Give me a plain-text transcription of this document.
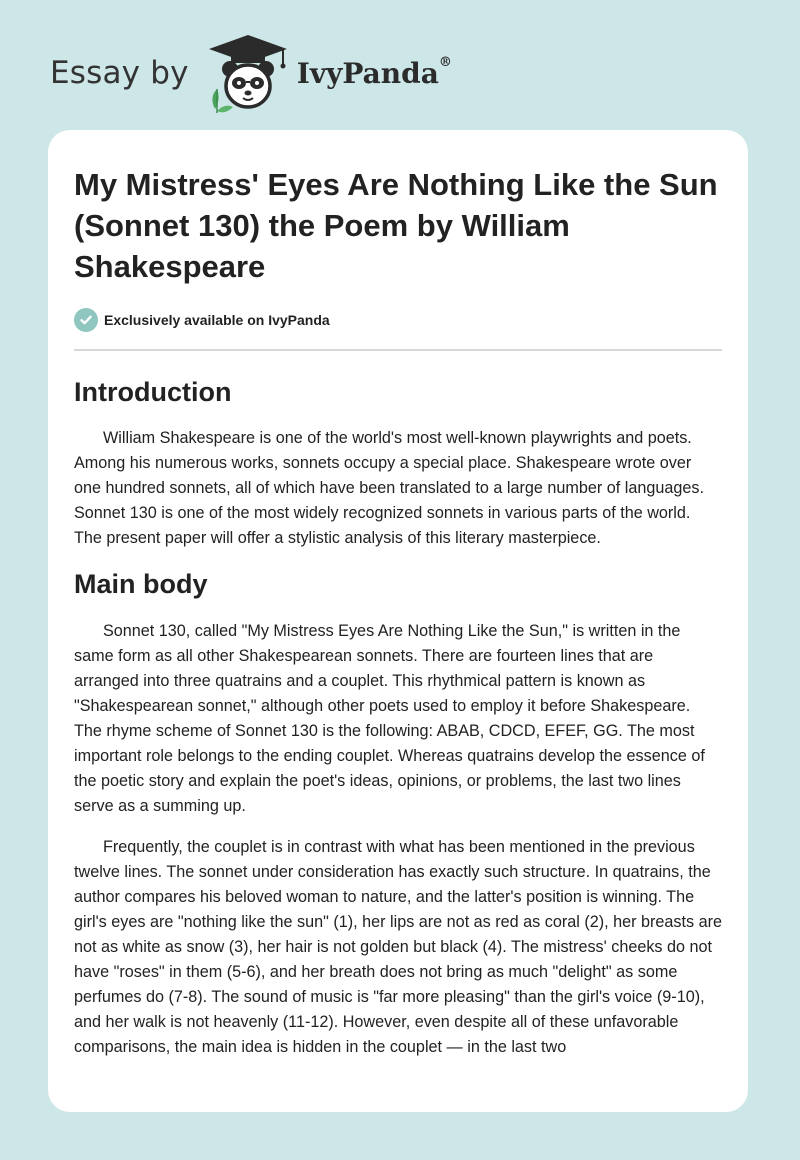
Essay by	IvyPanda®
My Mistress' Eyes Are Nothing Like the Sun (Sonnet 130) the Poem by William Shakespeare
Exclusively available on IvyPanda
Introduction

William Shakespeare is one of the world's most well-known playwrights and poets. Among his numerous works, sonnets occupy a special place. Shakespeare wrote over one hundred sonnets, all of which have been translated to a large number of languages. Sonnet 130 is one of the most widely recognized sonnets in various parts of the world. The present paper will offer a stylistic analysis of this literary masterpiece.

Main body

Sonnet 130, called "My Mistress Eyes Are Nothing Like the Sun," is written in the same form as all other Shakespearean sonnets. There are fourteen lines that are arranged into three quatrains and a couplet. This rhythmical pattern is known as "Shakespearean sonnet," although other poets used to employ it before Shakespeare. The rhyme scheme of Sonnet 130 is the following: ABAB, CDCD, EFEF, GG. The most important role belongs to the ending couplet. Whereas quatrains develop the essence of the poetic story and explain the poet's ideas, opinions, or problems, the last two lines serve as a summing up.

Frequently, the couplet is in contrast with what has been mentioned in the previous twelve lines. The sonnet under consideration has exactly such structure. In quatrains, the author compares his beloved woman to nature, and the latter's position is winning. The girl's eyes are "nothing like the sun" (1), her lips are not as red as coral (2), her breasts are not as white as snow (3), her hair is not golden but black (4). The mistress' cheeks do not have "roses" in them (5-6), and her breath does not bring as much "delight" as some perfumes do (7-8). The sound of music is "far more pleasing" than the girl's voice (9-10), and her walk is not heavenly (11-12). However, even despite all of these unfavorable comparisons, the main idea is hidden in the couplet — in the last two
